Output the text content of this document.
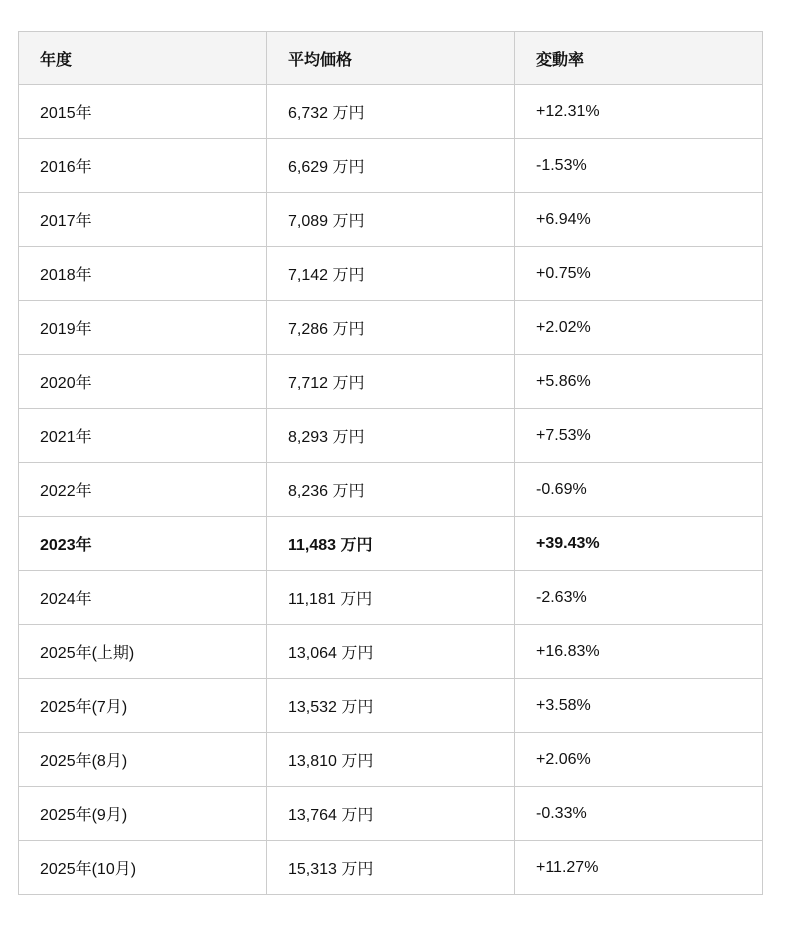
年度	平均価格	変動率
2015年	6,732 万円	+12.31%
2016年	6,629 万円	-1.53%
2017年	7,089 万円	+6.94%
2018年	7,142 万円	+0.75%
2019年	7,286 万円	+2.02%
2020年	7,712 万円	+5.86%
2021年	8,293 万円	+7.53%
2022年	8,236 万円	-0.69%
2023年	11,483 万円	+39.43%
2024年	11,181 万円	-2.63%
2025年(上期)	13,064 万円	+16.83%
2025年(7月)	13,532 万円	+3.58%
2025年(8月)	13,810 万円	+2.06%
2025年(9月)	13,764 万円	-0.33%
2025年(10月)	15,313 万円	+11.27%
